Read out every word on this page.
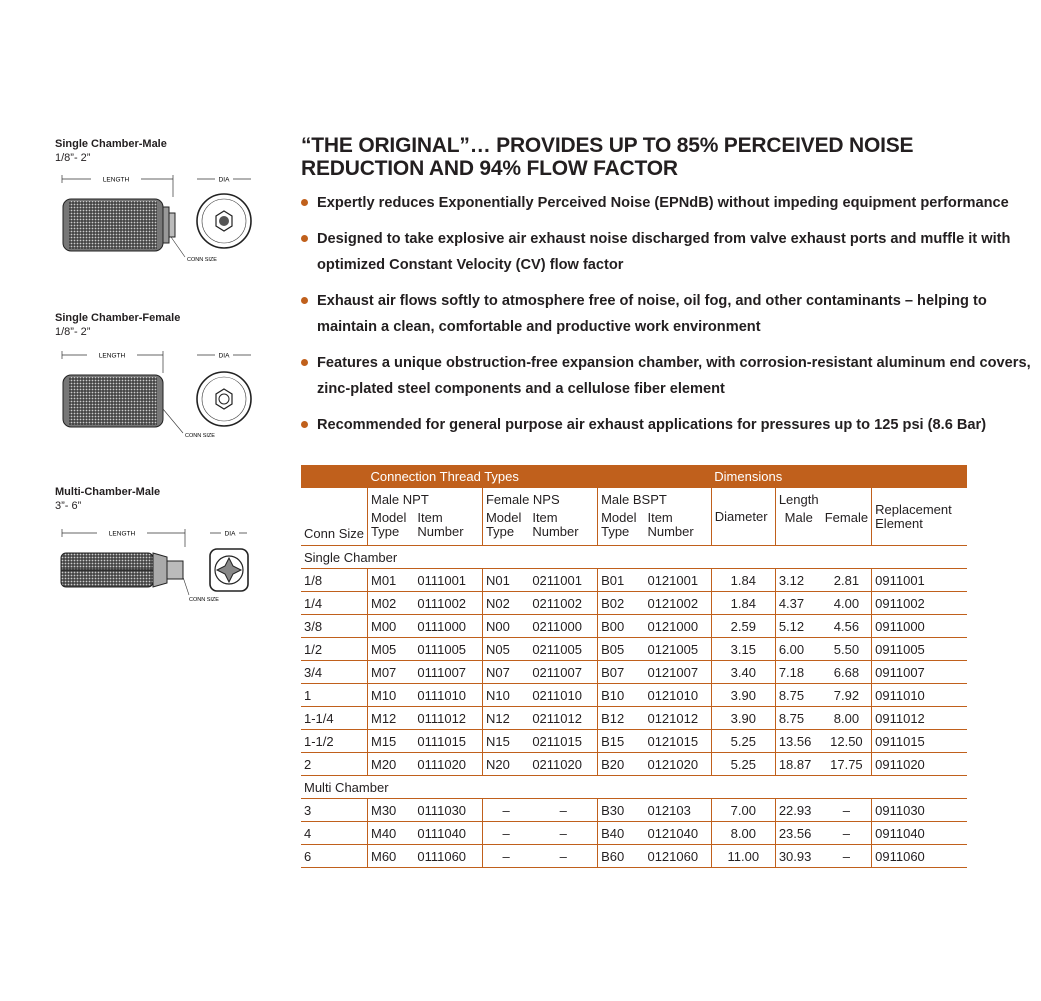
Single Chamber-Male
1/8”- 2”
LENGTH
CONN SIZE
DIA
Single Chamber-Female
1/8”- 2”
LENGTH
CONN SIZE
DIA
Multi-Chamber-Male
3”- 6”
LENGTH
CONN SIZE
DIA
“THE ORIGINAL”… PROVIDES UP TO 85% PERCEIVED NOISE REDUCTION AND 94% FLOW FACTOR
Expertly reduces Exponentially Perceived Noise (EPNdB) without impeding equipment performance
Designed to take explosive air exhaust noise discharged from valve exhaust ports and muffle it with optimized Constant Velocity (CV) flow factor
Exhaust air flows softly to atmosphere free of noise, oil fog, and other contaminants – helping to maintain a clean, comfortable and productive work environment
Features a unique obstruction-free expansion chamber, with corrosion-resistant aluminum end covers, zinc-plated steel components and a cellulose fiber element
Recommended for general purpose air exhaust applications for pressures up to 125 psi (8.6 Bar)
	Connection Thread Types						Dimensions			
Conn Size	Male NPT		Female NPS		Male BSPT		Diameter	Length		Replacement Element
	Model Type	Item Number	Model Type	Item Number	Model Type	Item Number		Male	Female	
Single Chamber										
1/8	M01	0111001	N01	0211001	B01	0121001	1.84	3.12	2.81	0911001
1/4	M02	0111002	N02	0211002	B02	0121002	1.84	4.37	4.00	0911002
3/8	M00	0111000	N00	0211000	B00	0121000	2.59	5.12	4.56	0911000
1/2	M05	0111005	N05	0211005	B05	0121005	3.15	6.00	5.50	0911005
3/4	M07	0111007	N07	0211007	B07	0121007	3.40	7.18	6.68	0911007
1	M10	0111010	N10	0211010	B10	0121010	3.90	8.75	7.92	0911010
1-1/4	M12	0111012	N12	0211012	B12	0121012	3.90	8.75	8.00	0911012
1-1/2	M15	0111015	N15	0211015	B15	0121015	5.25	13.56	12.50	0911015
2	M20	0111020	N20	0211020	B20	0121020	5.25	18.87	17.75	0911020
Multi Chamber										
3	M30	0111030	–	–	B30	012103	7.00	22.93	–	0911030
4	M40	0111040	–	–	B40	0121040	8.00	23.56	–	0911040
6	M60	0111060	–	–	B60	0121060	11.00	30.93	–	0911060
